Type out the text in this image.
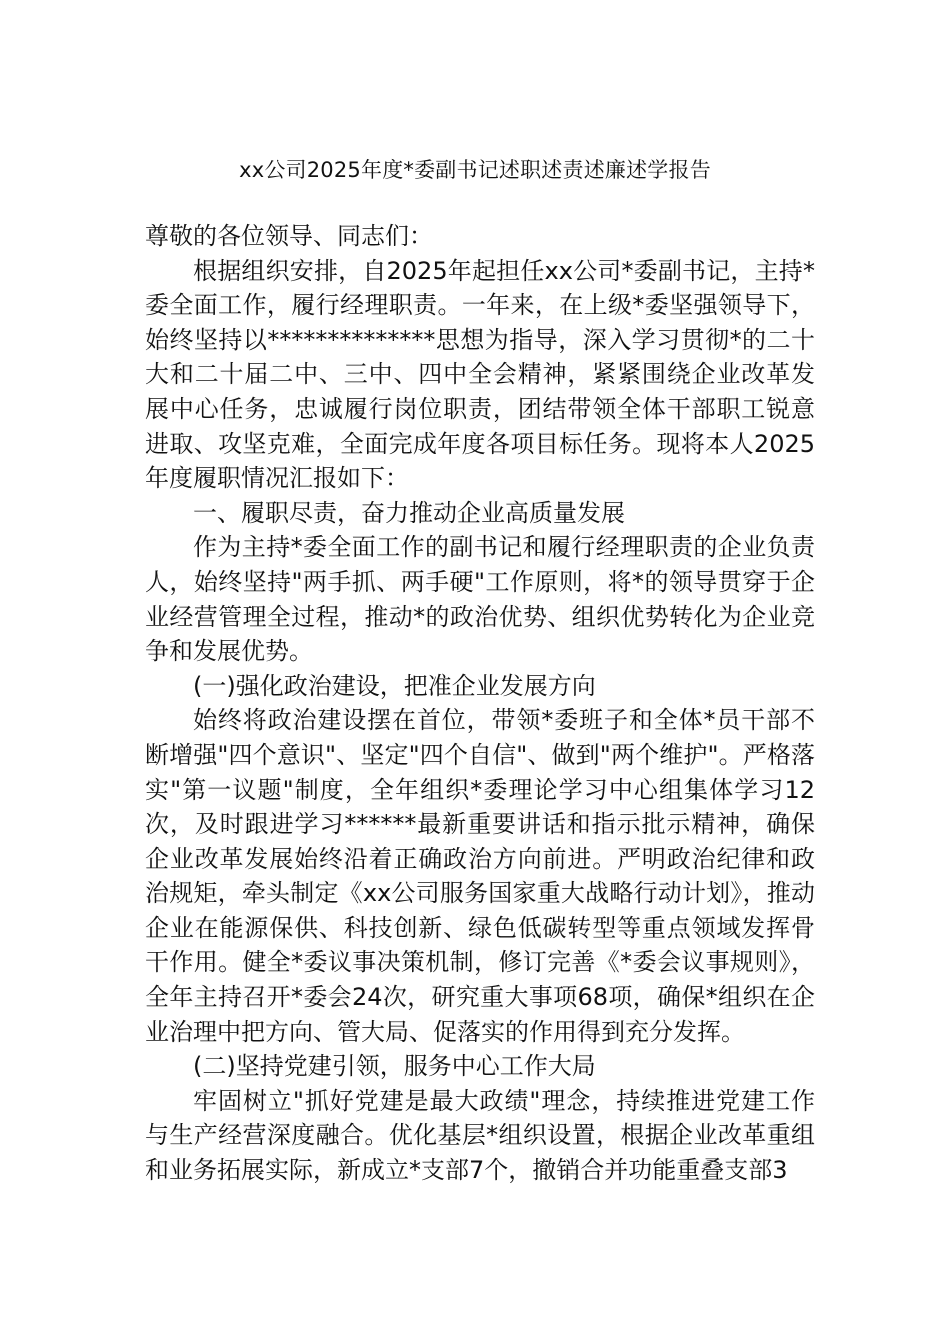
xx公司2025年度*委副书记述职述责述廉述学报告

尊敬的各位领导、同志们：

根据组织安排，自2025年起担任xx公司*委副书记，主持*委全面工作，履行经理职责。一年来，在上级*委坚强领导下，始终坚持以**************思想为指导，深入学习贯彻*的二十大和二十届二中、三中、四中全会精神，紧紧围绕企业改革发展中心任务，忠诚履行岗位职责，团结带领全体干部职工锐意进取、攻坚克难，全面完成年度各项目标任务。现将本人2025年度履职情况汇报如下：

一、履职尽责，奋力推动企业高质量发展

作为主持*委全面工作的副书记和履行经理职责的企业负责人，始终坚持"两手抓、两手硬"工作原则，将*的领导贯穿于企业经营管理全过程，推动*的政治优势、组织优势转化为企业竞争和发展优势。

(一)强化政治建设，把准企业发展方向

始终将政治建设摆在首位，带领*委班子和全体*员干部不断增强"四个意识"、坚定"四个自信"、做到"两个维护"。严格落实"第一议题"制度，全年组织*委理论学习中心组集体学习12次，及时跟进学习******最新重要讲话和指示批示精神，确保企业改革发展始终沿着正确政治方向前进。严明政治纪律和政治规矩，牵头制定《xx公司服务国家重大战略行动计划》，推动企业在能源保供、科技创新、绿色低碳转型等重点领域发挥骨干作用。健全*委议事决策机制，修订完善《*委会议事规则》，全年主持召开*委会24次，研究重大事项68项，确保*组织在企业治理中把方向、管大局、促落实的作用得到充分发挥。

(二)坚持党建引领，服务中心工作大局

牢固树立"抓好党建是最大政绩"理念，持续推进党建工作与生产经营深度融合。优化基层*组织设置，根据企业改革重组和业务拓展实际，新成立*支部7个，撤销合并功能重叠支部3
